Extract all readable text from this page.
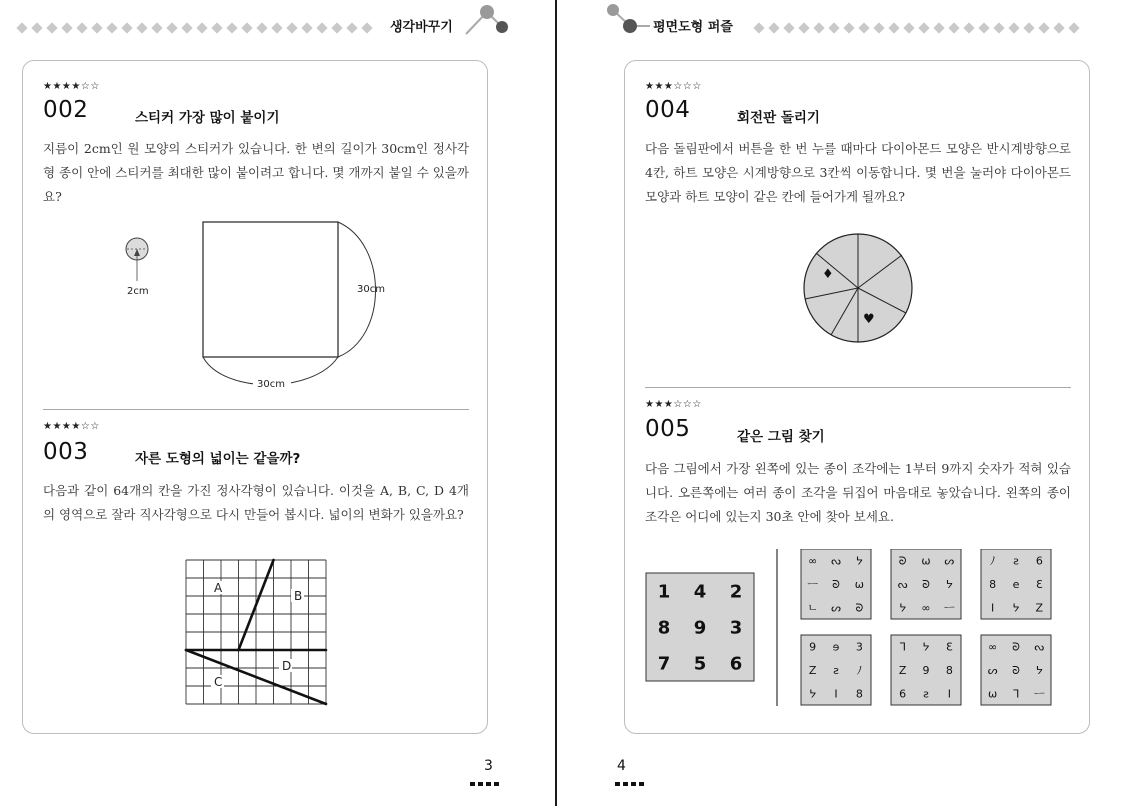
생각바꾸기
★★★★☆☆
002	스티커 가장 많이 붙이기
지름이 2cm인 원 모양의 스티커가 있습니다. 한 변의 길이가 30cm인 정사각형 종이 안에 스티커를 최대한 많이 붙이려고 합니다. 몇 개까지 붙일 수 있을까요?
2cm	30cm
30cm
★★★★☆☆
003	자른 도형의 넓이는 같을까?
다음과 같이 64개의 칸을 가진 정사각형이 있습니다. 이것을 A, B, C, D 4개의 영역으로 잘라 직사각형으로 다시 만들어 봅시다. 넓이의 변화가 있을까요?
A
B
C
D
3
평면도형 퍼즐
★★★☆☆☆
004	회전판 돌리기
다음 돌림판에서 버튼을 한 번 누를 때마다 다이아몬드 모양은 반시계방향으로 4칸, 하트 모양은 시계방향으로 3칸씩 이동합니다. 몇 번을 눌러야 다이아몬드 모양과 하트 모양이 같은 칸에 들어가게 될까요?
♦
♥
★★★☆☆☆
005	같은 그림 찾기
다음 그림에서 가장 왼쪽에 있는 종이 조각에는 1부터 9까지 숫자가 적혀 있습니다. 오른쪽에는 여러 종이 조각을 뒤집어 마음대로 놓았습니다. 왼쪽의 종이 조각은 어디에 있는지 30초 안에 찾아 보세요.
1 4 2
8 9 3
7 5 6
∞ ᔓ ᔭ
ㅡ ᘐ ω
ㄴ ᔕ ᘐ
ᘐ ω ᔕ
ᔓ ᘐ ᔭ
ᔭ ∞ ㅡ
ﾉ ƨ 6
8 e Ɛ
I ᔭ Z
9 ɘ 3
Z ƨ ﾉ
ᔭ I 8
ᒣ ᔭ Ɛ
Z 9 8
6 ƨ I
∞ ᘐ ᔓ
ᔕ ᘐ ᔭ
ω ᒣ ㅡ
4
